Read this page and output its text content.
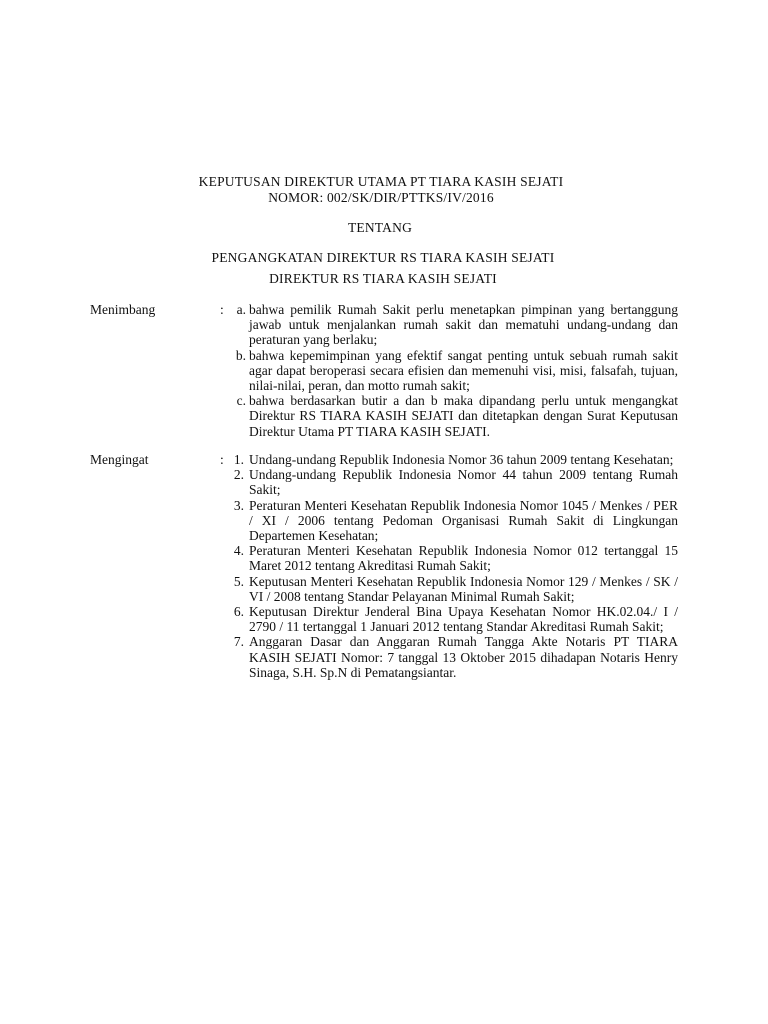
KEPUTUSAN DIREKTUR UTAMA PT TIARA KASIH SEJATI
NOMOR: 002/SK/DIR/PTTKS/IV/2016
TENTANG
PENGANGKATAN DIREKTUR RS TIARA KASIH SEJATI
DIREKTUR RS TIARA KASIH SEJATI
Menimbang	: a. bahwa pemilik Rumah Sakit perlu menetapkan pimpinan yang bertanggung jawab untuk menjalankan rumah sakit dan mematuhi undang-undang dan peraturan yang berlaku;
b. bahwa kepemimpinan yang efektif sangat penting untuk sebuah rumah sakit agar dapat beroperasi secara efisien dan memenuhi visi, misi, falsafah, tujuan, nilai-nilai, peran, dan motto rumah sakit;
c. bahwa berdasarkan butir a dan b maka dipandang perlu untuk mengangkat Direktur RS TIARA KASIH SEJATI dan ditetapkan dengan Surat Keputusan Direktur Utama PT TIARA KASIH SEJATI.
Mengingat	: 1. Undang-undang Republik Indonesia Nomor 36 tahun 2009 tentang Kesehatan;
2. Undang-undang Republik Indonesia Nomor 44 tahun 2009 tentang Rumah Sakit;
3. Peraturan Menteri Kesehatan Republik Indonesia Nomor 1045 / Menkes / PER / XI / 2006 tentang Pedoman Organisasi Rumah Sakit di Lingkungan Departemen Kesehatan;
4. Peraturan Menteri Kesehatan Republik Indonesia Nomor 012 tertanggal 15 Maret 2012 tentang Akreditasi Rumah Sakit;
5. Keputusan Menteri Kesehatan Republik Indonesia Nomor 129 / Menkes / SK / VI / 2008 tentang Standar Pelayanan Minimal Rumah Sakit;
6. Keputusan Direktur Jenderal Bina Upaya Kesehatan Nomor HK.02.04./ I / 2790 / 11 tertanggal 1 Januari 2012 tentang Standar Akreditasi Rumah Sakit;
7. Anggaran Dasar dan Anggaran Rumah Tangga Akte Notaris PT TIARA KASIH SEJATI Nomor: 7 tanggal 13 Oktober 2015 dihadapan Notaris Henry Sinaga, S.H. Sp.N di Pematangsiantar.
